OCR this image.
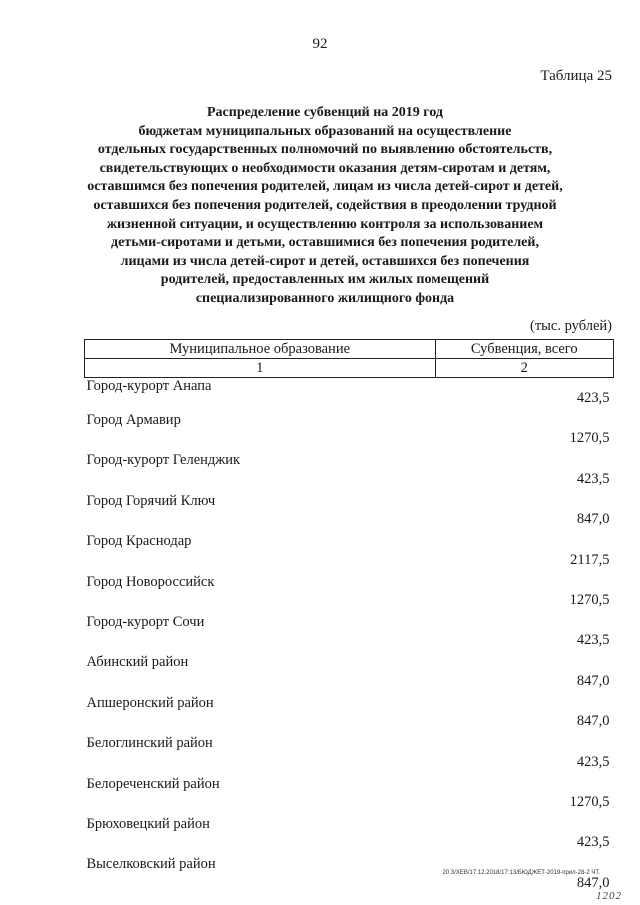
92
Таблица 25
Распределение субвенций на 2019 год
бюджетам муниципальных образований на осуществление
отдельных государственных полномочий по выявлению обстоятельств,
свидетельствующих о необходимости оказания детям-сиротам и детям,
оставшимся без попечения родителей, лицам из числа детей-сирот и детей,
оставшихся без попечения родителей, содействия в преодолении трудной
жизненной ситуации, и осуществлению контроля за использованием
детьми-сиротами и детьми, оставшимися без попечения родителей,
лицами из числа детей-сирот и детей, оставшихся без попечения
родителей, предоставленных им жилых помещений
специализированного жилищного фонда
(тыс. рублей)
Муниципальное образование	Субвенция, всего
1	2
Город-курорт Анапа	423,5
Город Армавир	1270,5
Город-курорт Геленджик	423,5
Город Горячий Ключ	847,0
Город Краснодар	2117,5
Город Новороссийск	1270,5
Город-курорт Сочи	423,5
Абинский район	847,0
Апшеронский район	847,0
Белоглинский район	423,5
Белореченский район	1270,5
Брюховецкий район	423,5
Выселковский район	847,0
20.3/ХЕВ/17.12.2018/17:13/БЮДЖЕТ-2019-прил-28-2 ЧТ.
1202
